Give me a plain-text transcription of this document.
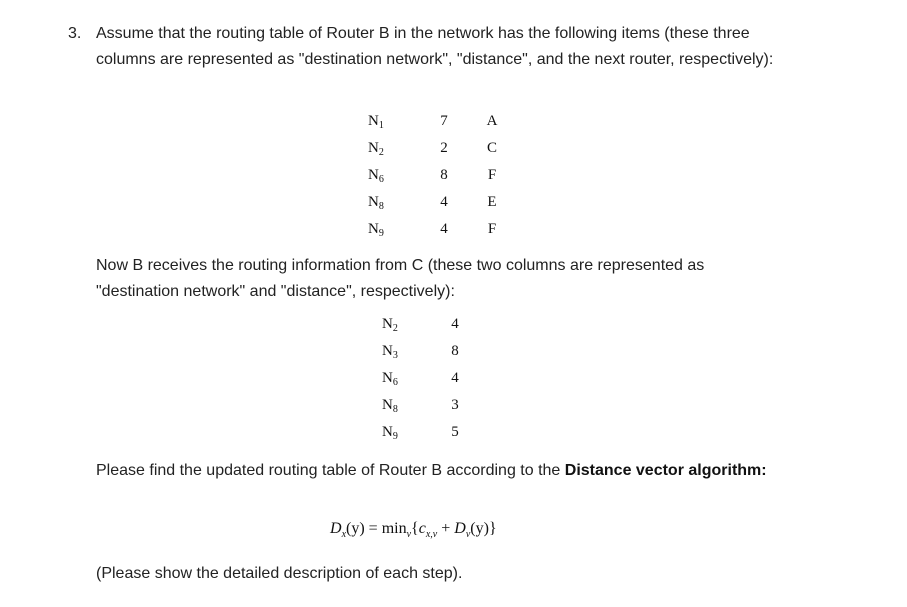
3. Assume that the routing table of Router B in the network has the following items (these three columns are represented as "destination network", "distance", and the next router, respectively):

$N_1$	7	A
$N_2$	2	C
$N_6$	8	F
$N_8$	4	E
$N_9$	4	F

Now B receives the routing information from C (these two columns are represented as "destination network" and "distance", respectively):

$N_2$	4
$N_3$	8
$N_6$	4
$N_8$	3
$N_9$	5

Please find the updated routing table of Router B according to the Distance vector algorithm:

$D_x(y) = \min_v\{c_{x,v} + D_v(y)\}$

(Please show the detailed description of each step).
